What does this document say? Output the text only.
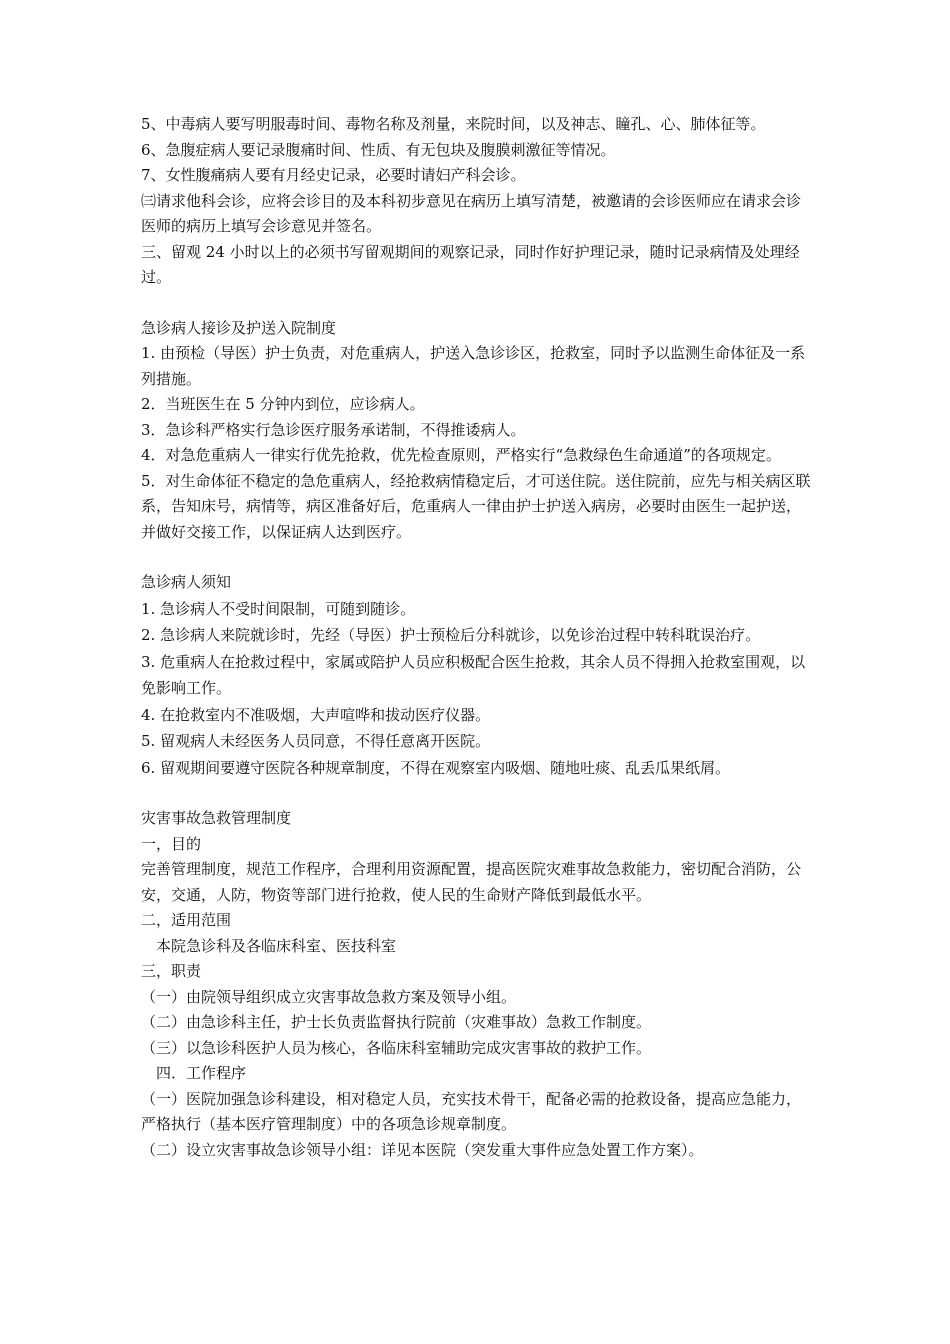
5、中毒病人要写明服毒时间、毒物名称及剂量，来院时间，以及神志、瞳孔、心、肺体征等。

6、急腹症病人要记录腹痛时间、性质、有无包块及腹膜刺激征等情况。

7、女性腹痛病人要有月经史记录，必要时请妇产科会诊。

㈢请求他科会诊，应将会诊目的及本科初步意见在病历上填写清楚，被邀请的会诊医师应在请求会诊医师的病历上填写会诊意见并签名。

三、留观 24 小时以上的必须书写留观期间的观察记录，同时作好护理记录，随时记录病情及处理经过。

急诊病人接诊及护送入院制度

1. 由预检（导医）护士负责，对危重病人，护送入急诊诊区，抢救室，同时予以监测生命体征及一系列措施。

2．当班医生在 5 分钟内到位，应诊病人。

3．急诊科严格实行急诊医疗服务承诺制，不得推诿病人。

4．对急危重病人一律实行优先抢救，优先检查原则，严格实行“急救绿色生命通道”的各项规定。

5．对生命体征不稳定的急危重病人，经抢救病情稳定后，才可送住院。送住院前，应先与相关病区联系，告知床号，病情等，病区准备好后，危重病人一律由护士护送入病房，必要时由医生一起护送，并做好交接工作，以保证病人达到医疗。

急诊病人须知

1. 急诊病人不受时间限制，可随到随诊。

2. 急诊病人来院就诊时，先经（导医）护士预检后分科就诊，以免诊治过程中转科耽误治疗。

3. 危重病人在抢救过程中，家属或陪护人员应积极配合医生抢救，其余人员不得拥入抢救室围观，以免影响工作。

4. 在抢救室内不准吸烟，大声喧哗和拔动医疗仪器。

5. 留观病人未经医务人员同意，不得任意离开医院。

6. 留观期间要遵守医院各种规章制度，不得在观察室内吸烟、随地吐痰、乱丢瓜果纸屑。

灾害事故急救管理制度

一，目的

完善管理制度，规范工作程序，合理利用资源配置，提高医院灾难事故急救能力，密切配合消防，公安，交通，人防，物资等部门进行抢救，使人民的生命财产降低到最低水平。

二，适用范围

　本院急诊科及各临床科室、医技科室

三，职责

（一）由院领导组织成立灾害事故急救方案及领导小组。

（二）由急诊科主任，护士长负责监督执行院前（灾难事故）急救工作制度。

（三）以急诊科医护人员为核心，各临床科室辅助完成灾害事故的救护工作。

　四．工作程序

（一）医院加强急诊科建设，相对稳定人员，充实技术骨干，配备必需的抢救设备，提高应急能力，严格执行（基本医疗管理制度）中的各项急诊规章制度。

（二）设立灾害事故急诊领导小组：详见本医院（突发重大事件应急处置工作方案）。
